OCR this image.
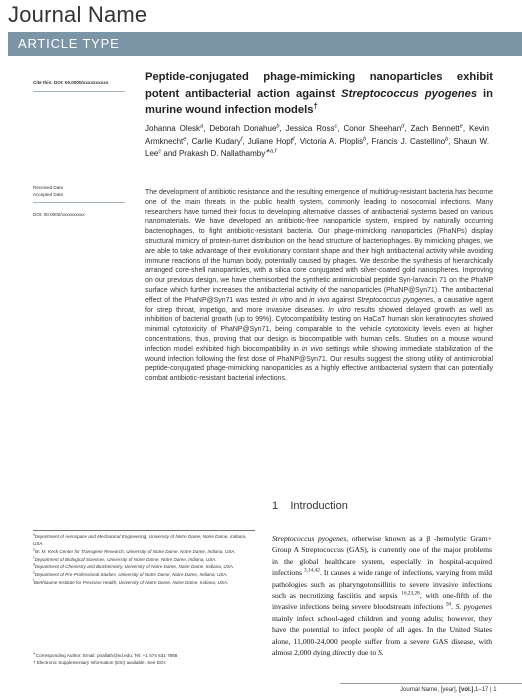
Journal Name
ARTICLE TYPE
Cite this: DOI: 00.0000/xxxxxxxxxx
Received Date
Accepted Date
DOI: 00.0000/xxxxxxxxxx
Peptide-conjugated phage-mimicking nanoparticles exhibit potent antibacterial action against Streptococcus pyogenes in murine wound infection models†
Johanna Olesk$^a$, Deborah Donahue$^b$, Jessica Ross$^c$, Conor Sheehan$^d$, Zach Bennett$^e$, Kevin Armknecht$^e$, Carlie Kudary$^f$, Juliane Hopf$^f$, Victoria A. Ploplis$^b$, Francis J. Castellino$^b$, Shaun W. Lee$^c$ and Prakash D. Nallathamby$^{∗a,f}$
The development of antibiotic resistance and the resulting emergence of multidrug-resistant bacteria has become one of the main threats in the public health system, commonly leading to nosocomial infections. Many researchers have turned their focus to developing alternative classes of antibacterial systems based on various nanomaterials. We have developed an antibiotic-free nanoparticle system, inspired by naturally occurring bacteriophages, to fight antibiotic-resistant bacteria. Our phage-mimicking nanoparticles (PhaNPs) display structural mimicry of protein-turret distribution on the head structure of bacteriophages. By mimicking phages, we are able to take advantage of their evolutionary constant shape and their high antibacterial activity while avoiding immune reactions of the human body, potentially caused by phages. We describe the synthesis of hierarchically arranged core-shell nanoparticles, with a silica core conjugated with silver-coated gold nanospheres. Improving on our previous design, we have chemisorbed the synthetic antimicrobial peptide Syn-larvacin 71 on the PhaNP surface which further increases the antibacterial activity of the nanoparticles (PhaNP@Syn71). The antibacterial effect of the PhaNP@Syn71 was tested in vitro and in vivo against Streptococcus pyogenes, a causative agent for strep throat, impetigo, and more invasive diseases. In vitro results showed delayed growth as well as inhibition of bacterial growth (up to 99%). Cytocompatibility testing on HaCaT human skin keratinocytes showed minimal cytotoxicity of PhaNP@Syn71, being comparable to the vehicle cytotoxicity levels even at higher concentrations, thus, proving that our design is biocompatible with human cells. Studies on a mouse wound infection model exhibited high biocompatibility in in vivo settings while showing immediate stabilization of the wound infection following the first dose of PhaNP@Syn71. Our results suggest the strong utility of antimicrobial peptide-conjugated phage-mimicking nanoparticles as a highly effective antibacterial system that can potentially combat antibiotic-resistant bacterial infections.
1 Introduction

$^a$Department of Aerospace and Mechanical Engineering, University of Notre Dame, Notre Dame, Indiana, USA.

$^b$W. M. Keck Center for Transgene Research, University of Notre Dame, Notre Dame, Indiana, USA.

$^c$Department of Biological Sciences, University of Notre Dame, Notre Dame, Indiana, USA.

$^d$Department of Chemistry and Biochemistry, University of Notre Dame, Notre Dame, Indiana, USA.

$^e$Department of Pre-Professional Studies, University of Notre Dame, Notre Dame, Indiana, USA.

$^f$Berthiaume Institute for Precision Health, University of Notre Dame, Notre Dame, Indiana, USA.

∗Corresponding Author: Email: pnallath@nd.edu; Tel: +1 574 631 7868

† Electronic Supplementary Information (ESI) available. See DOI:

Streptococcus pyogenes, otherwise known as a β -hemolytic Gram+ Group A Streptococcus (GAS), is currently one of the major problems in the global healthcare system, especially in hospital-acquired infections $^{3,14,42}$. It causes a wide range of infections, varying from mild pathologies such as pharyngotonsillitis to severe invasive infections such as necrotizing fasciitis and sepsis $^{16,23,28}$, with one-fifth of the invasive infections being severe bloodstream infections $^{50}$. S. pyogenes mainly infect school-aged children and young adults; however, they have the potential to infect people of all ages. In the United States alone, 11,000-24,000 people suffer from a severe GAS disease, with almost 2,000 dying directly due to S.
Journal Name, [year], [vol.],1–17 | 1
